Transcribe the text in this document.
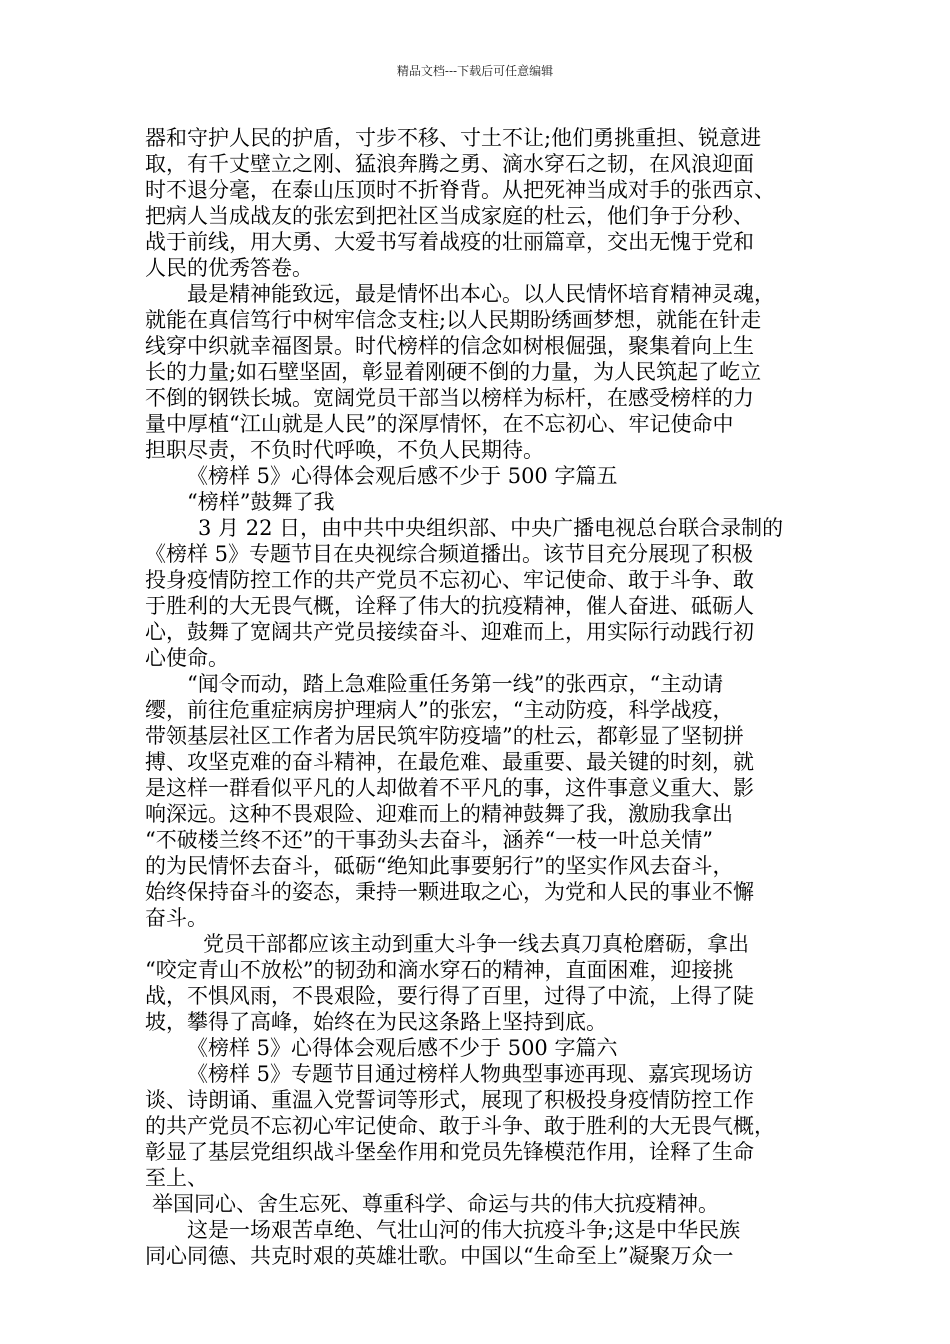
精品文档---下载后可任意编辑
器和守护人民的护盾，寸步不移、寸土不让;他们勇挑重担、锐意进
取，有千丈壁立之刚、猛浪奔腾之勇、滴水穿石之韧，在风浪迎面
时不退分毫，在泰山压顶时不折脊背。从把死神当成对手的张西京、
把病人当成战友的张宏到把社区当成家庭的杜云，他们争于分秒、
战于前线，用大勇、大爱书写着战疫的壮丽篇章，交出无愧于党和
人民的优秀答卷。
最是精神能致远，最是情怀出本心。以人民情怀培育精神灵魂，
就能在真信笃行中树牢信念支柱;以人民期盼绣画梦想，就能在针走
线穿中织就幸福图景。时代榜样的信念如树根倔强，聚集着向上生
长的力量;如石壁坚固，彰显着刚硬不倒的力量，为人民筑起了屹立
不倒的钢铁长城。宽阔党员干部当以榜样为标杆，在感受榜样的力
量中厚植“江山就是人民”的深厚情怀，在不忘初心、牢记使命中
担职尽责，不负时代呼唤，不负人民期待。
《榜样 5》心得体会观后感不少于 500 字篇五
“榜样”鼓舞了我
3 月 22 日，由中共中央组织部、中央广播电视总台联合录制的
《榜样 5》专题节目在央视综合频道播出。该节目充分展现了积极
投身疫情防控工作的共产党员不忘初心、牢记使命、敢于斗争、敢
于胜利的大无畏气概，诠释了伟大的抗疫精神，催人奋进、砥砺人
心，鼓舞了宽阔共产党员接续奋斗、迎难而上，用实际行动践行初
心使命。
“闻令而动，踏上急难险重任务第一线”的张西京，“主动请
缨，前往危重症病房护理病人”的张宏，“主动防疫，科学战疫，
带领基层社区工作者为居民筑牢防疫墙”的杜云，都彰显了坚韧拼
搏、攻坚克难的奋斗精神，在最危难、最重要、最关键的时刻，就
是这样一群看似平凡的人却做着不平凡的事，这件事意义重大、影
响深远。这种不畏艰险、迎难而上的精神鼓舞了我，激励我拿出
“不破楼兰终不还”的干事劲头去奋斗，涵养“一枝一叶总关情”
的为民情怀去奋斗，砥砺“绝知此事要躬行”的坚实作风去奋斗，
始终保持奋斗的姿态，秉持一颗进取之心，为党和人民的事业不懈
奋斗。
党员干部都应该主动到重大斗争一线去真刀真枪磨砺，拿出
“咬定青山不放松”的韧劲和滴水穿石的精神，直面困难，迎接挑
战，不惧风雨，不畏艰险，要行得了百里，过得了中流，上得了陡
坡，攀得了高峰，始终在为民这条路上坚持到底。
《榜样 5》心得体会观后感不少于 500 字篇六
《榜样 5》专题节目通过榜样人物典型事迹再现、嘉宾现场访
谈、诗朗诵、重温入党誓词等形式，展现了积极投身疫情防控工作
的共产党员不忘初心牢记使命、敢于斗争、敢于胜利的大无畏气概，
彰显了基层党组织战斗堡垒作用和党员先锋模范作用，诠释了生命
至上、
举国同心、舍生忘死、尊重科学、命运与共的伟大抗疫精神。
这是一场艰苦卓绝、气壮山河的伟大抗疫斗争;这是中华民族
同心同德、共克时艰的英雄壮歌。中国以“生命至上”凝聚万众一
